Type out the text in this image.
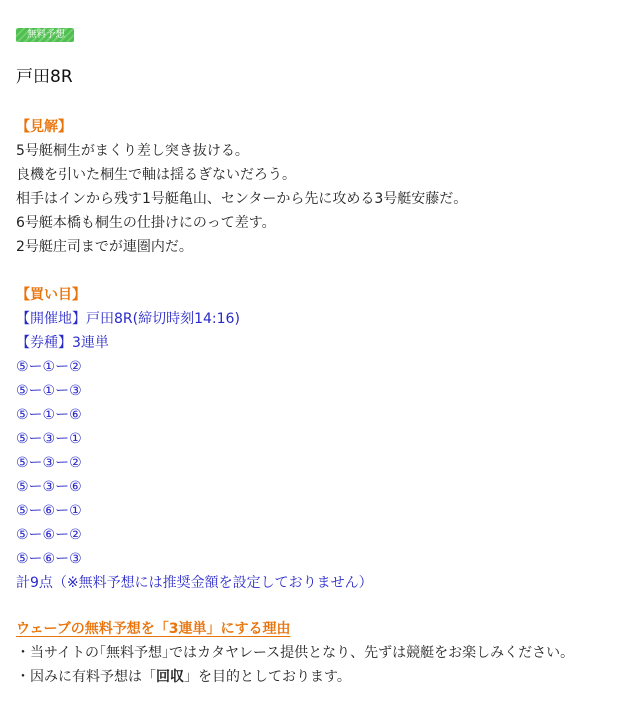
無料予想
戸田8R
【見解】
5号艇桐生がまくり差し突き抜ける。
良機を引いた桐生で軸は揺るぎないだろう。
相手はインから残す1号艇亀山、センターから先に攻める3号艇安藤だ。
6号艇本橋も桐生の仕掛けにのって差す。
2号艇庄司までが連圏内だ。
【買い目】
【開催地】戸田8R(締切時刻14:16)
【券種】3連単
⑤ー①ー②
⑤ー①ー③
⑤ー①ー⑥
⑤ー③ー①
⑤ー③ー②
⑤ー③ー⑥
⑤ー⑥ー①
⑤ー⑥ー②
⑤ー⑥ー③
計9点（※無料予想には推奨金額を設定しておりません）
ウェーブの無料予想を「3連単」にする理由
・当サイトの｢無料予想｣ではカタヤレース提供となり、先ずは競艇をお楽しみください。
・因みに有料予想は「回収」を目的としております。
